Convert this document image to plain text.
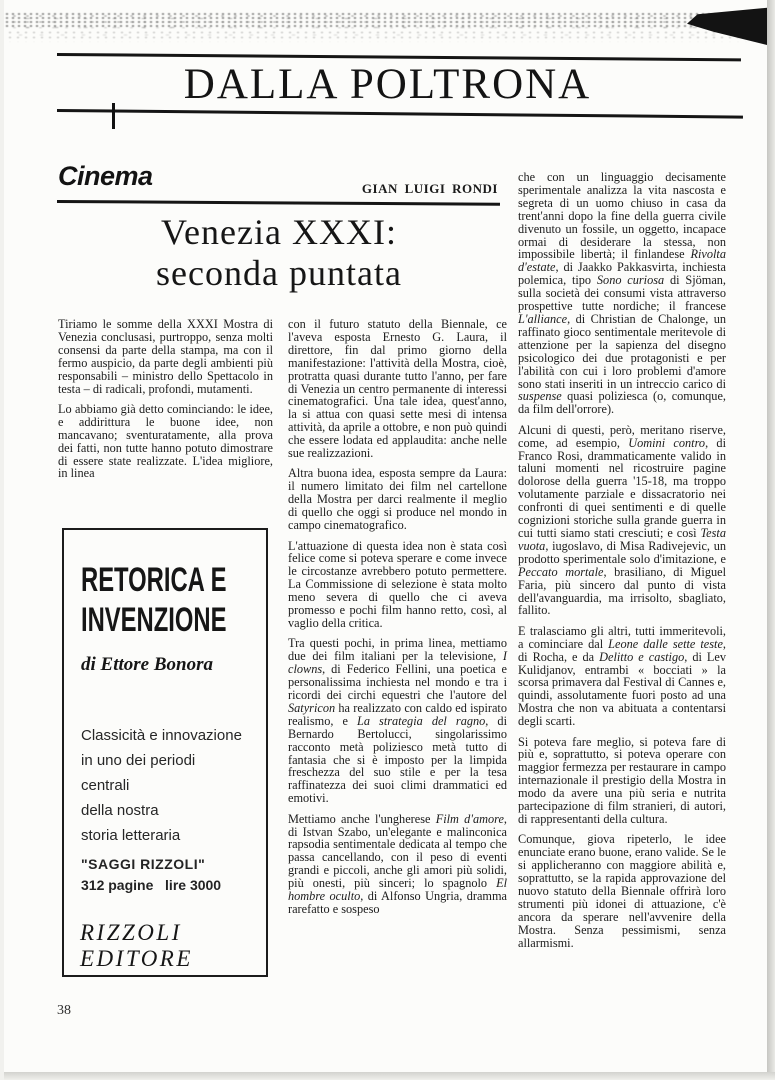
DALLA POLTRONA
Cinema	GIAN LUIGI RONDI
Venezia XXXI:
seconda puntata

Tiriamo le somme della XXXI Mostra di Venezia conclusasi, purtroppo, senza molti consensi da parte della stampa, ma con il fermo auspicio, da parte degli ambienti più responsabili – ministro dello Spettacolo in testa – di radicali, profondi, mutamenti.

Lo abbiamo già detto cominciando: le idee, e addirittura le buone idee, non mancavano; sventuratamente, alla prova dei fatti, non tutte hanno potuto dimostrare di essere state realizzate. L'idea migliore, in linea

con il futuro statuto della Biennale, ce l'aveva esposta Ernesto G. Laura, il direttore, fin dal primo giorno della manifestazione: l'attività della Mostra, cioè, protratta quasi durante tutto l'anno, per fare di Venezia un centro permanente di interessi cinematografici. Una tale idea, quest'anno, la si attua con quasi sette mesi di intensa attività, da aprile a ottobre, e non può quindi che essere lodata ed applaudita: anche nelle sue realizzazioni.

Altra buona idea, esposta sempre da Laura: il numero limitato dei film nel cartellone della Mostra per darci realmente il meglio di quello che oggi si produce nel mondo in campo cinematografico.

L'attuazione di questa idea non è stata così felice come si poteva sperare e come invece le circostanze avrebbero potuto permettere. La Commissione di selezione è stata molto meno severa di quello che ci aveva promesso e pochi film hanno retto, così, al vaglio della critica.

Tra questi pochi, in prima linea, mettiamo due dei film italiani per la televisione, I clowns, di Federico Fellini, una poetica e personalissima inchiesta nel mondo e tra i ricordi dei circhi equestri che l'autore del Satyricon ha realizzato con caldo ed ispirato realismo, e La strategia del ragno, di Bernardo Bertolucci, singolarissimo racconto metà poliziesco metà tutto di fantasia che si è imposto per la limpida freschezza del suo stile e per la tesa raffinatezza dei suoi climi drammatici ed emotivi.

Mettiamo anche l'ungherese Film d'amore, di Istvan Szabo, un'elegante e malinconica rapsodia sentimentale dedicata al tempo che passa cancellando, con il peso di eventi grandi e piccoli, anche gli amori più solidi, più onesti, più sinceri; lo spagnolo El hombre oculto, di Alfonso Ungria, dramma rarefatto e sospeso

che con un linguaggio decisamente sperimentale analizza la vita nascosta e segreta di un uomo chiuso in casa da trent'anni dopo la fine della guerra civile divenuto un fossile, un oggetto, incapace ormai di desiderare la stessa, non impossibile libertà; il finlandese Rivolta d'estate, di Jaakko Pakkasvirta, inchiesta polemica, tipo Sono curiosa di Sjöman, sulla società dei consumi vista attraverso prospettive tutte nordiche; il francese L'alliance, di Christian de Chalonge, un raffinato gioco sentimentale meritevole di attenzione per la sapienza del disegno psicologico dei due protagonisti e per l'abilità con cui i loro problemi d'amore sono stati inseriti in un intreccio carico di suspense quasi poliziesca (o, comunque, da film dell'orrore).

Alcuni di questi, però, meritano riserve, come, ad esempio, Uomini contro, di Franco Rosi, drammaticamente valido in taluni momenti nel ricostruire pagine dolorose della guerra '15-18, ma troppo volutamente parziale e dissacratorio nei confronti di quei sentimenti e di quelle cognizioni storiche sulla grande guerra in cui tutti siamo stati cresciuti; e così Testa vuota, iugoslavo, di Misa Radivejevic, un prodotto sperimentale solo d'imitazione, e Peccato mortale, brasiliano, di Miguel Faria, più sincero dal punto di vista dell'avanguardia, ma irrisolto, sbagliato, fallito.

E tralasciamo gli altri, tutti immeritevoli, a cominciare dal Leone dalle sette teste, di Rocha, e da Delitto e castigo, di Lev Kulidjanov, entrambi « bocciati » la scorsa primavera dal Festival di Cannes e, quindi, assolutamente fuori posto ad una Mostra che non va abituata a contentarsi degli scarti.

Si poteva fare meglio, si poteva fare di più e, soprattutto, si poteva operare con maggior fermezza per restaurare in campo internazionale il prestigio della Mostra in modo da avere una più seria e nutrita partecipazione di film stranieri, di autori, di rappresentanti della cultura.

Comunque, giova ripeterlo, le idee enunciate erano buone, erano valide. Se le si applicheranno con maggiore abilità e, soprattutto, se la rapida approvazione del nuovo statuto della Biennale offrirà loro strumenti più idonei di attuazione, c'è ancora da sperare nell'avvenire della Mostra. Senza pessimismi, senza allarmismi.

RETORICA E
INVENZIONE
di Ettore Bonora
Classicità e innovazione
in uno dei periodi
centrali
della nostra
storia letteraria
"SAGGI RIZZOLI"
312 pagine   lire 3000
RIZZOLI EDITORE
38
